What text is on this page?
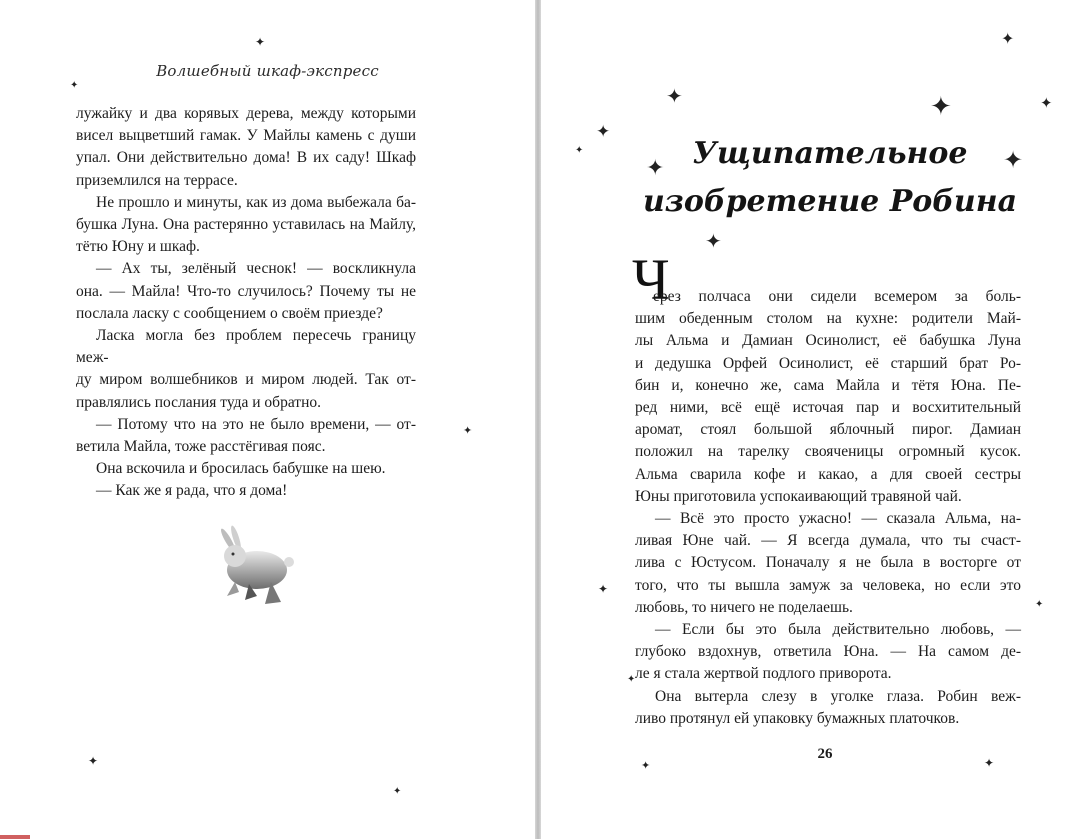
Волшебный шкаф-экспресс

лужайку и два корявых дерева, между которыми

висел выцветший гамак. У Майлы камень с души

упал. Они действительно дома! В их саду! Шкаф

приземлился на террасе.

Не прошло и минуты, как из дома выбежала ба-

бушка Луна. Она растерянно уставилась на Майлу,

тётю Юну и шкаф.

— Ах ты, зелёный чеснок! — воскликнула

она. — Майла! Что-то случилось? Почему ты не

послала ласку с сообщением о своём приезде?

Ласка могла без проблем пересечь границу меж-

ду миром волшебников и миром людей. Так от-

правлялись послания туда и обратно.

— Потому что на это не было времени, — от-

ветила Майла, тоже расстёгивая пояс.

Она вскочила и бросилась бабушке на шею.

— Как же я рада, что я дома!

Ущипательное
изобретение Робина
Ч

ерез полчаса они сидели всемером за боль-

шим обеденным столом на кухне: родители Май-

лы Альма и Дамиан Осинолист, её бабушка Луна

и дедушка Орфей Осинолист, её старший брат Ро-

бин и, конечно же, сама Майла и тётя Юна. Пе-

ред ними, всё ещё источая пар и восхитительный

аромат, стоял большой яблочный пирог. Дамиан

положил на тарелку свояченицы огромный кусок.

Альма сварила кофе и какао, а для своей сестры

Юны приготовила успокаивающий травяной чай.

— Всё это просто ужасно! — сказала Альма, на-

ливая Юне чай. — Я всегда думала, что ты счаст-

лива с Юстусом. Поначалу я не была в восторге от

того, что ты вышла замуж за человека, но если это

любовь, то ничего не поделаешь.

— Если бы это была действительно любовь, —

глубоко вздохнув, ответила Юна. — На самом де-

ле я стала жертвой подлого приворота.

Она вытерла слезу в уголке глаза. Робин веж-

ливо протянул ей упаковку бумажных платочков.

26
✦
✦
✦
✦
✦
✦
✦	✦	✦
✦
✦
✦	✦
✦
✦
✦
✦	✦
✦
